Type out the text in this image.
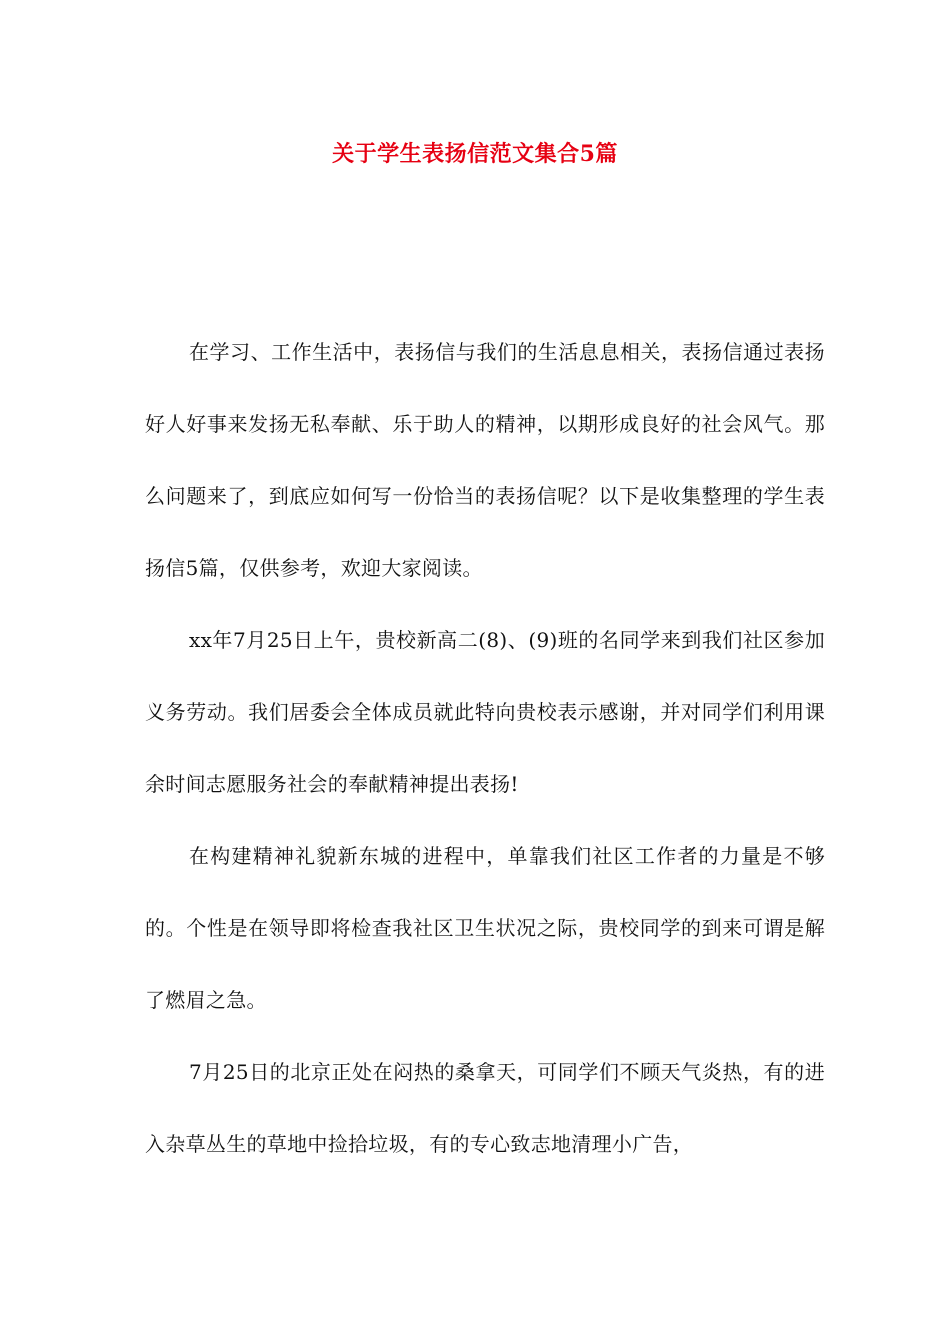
关于学生表扬信范文集合5篇

在学习、工作生活中，表扬信与我们的生活息息相关，表扬信通过表扬好人好事来发扬无私奉献、乐于助人的精神，以期形成良好的社会风气。那么问题来了，到底应如何写一份恰当的表扬信呢？以下是收集整理的学生表扬信5篇，仅供参考，欢迎大家阅读。

xx年7月25日上午，贵校新高二(8)、(9)班的名同学来到我们社区参加义务劳动。我们居委会全体成员就此特向贵校表示感谢，并对同学们利用课余时间志愿服务社会的奉献精神提出表扬!

在构建精神礼貌新东城的进程中，单靠我们社区工作者的力量是不够的。个性是在领导即将检查我社区卫生状况之际，贵校同学的到来可谓是解了燃眉之急。

7月25日的北京正处在闷热的桑拿天，可同学们不顾天气炎热，有的进入杂草丛生的草地中捡拾垃圾，有的专心致志地清理小广告，
